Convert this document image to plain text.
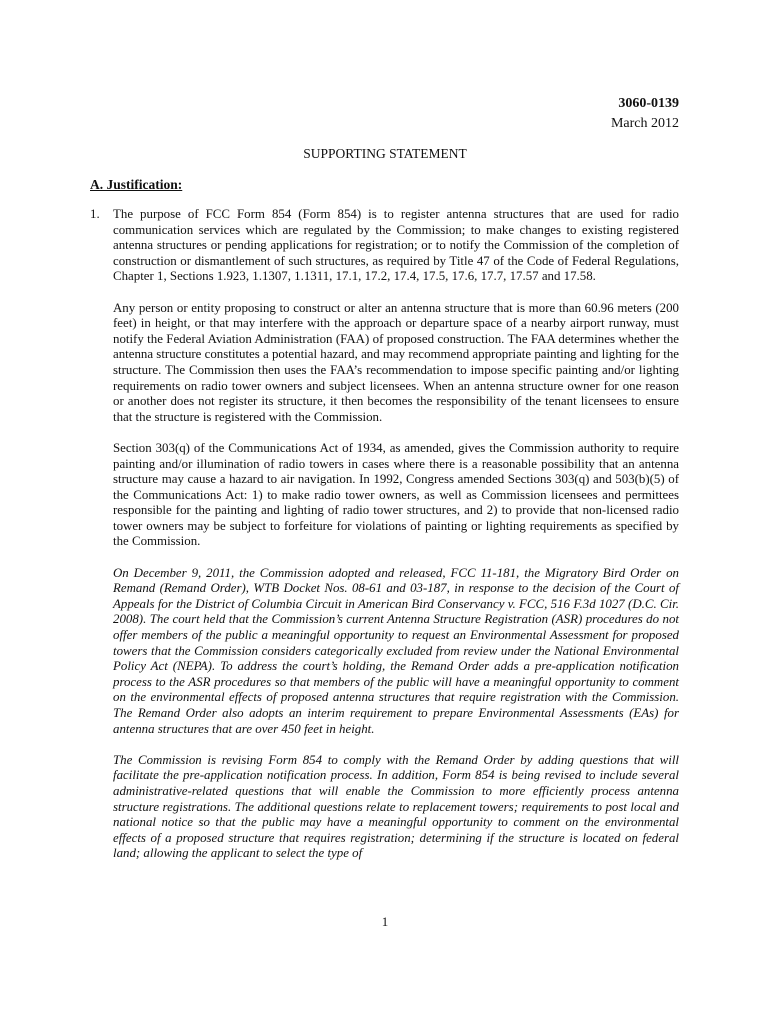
3060-0139
March 2012
SUPPORTING STATEMENT
A. Justification:
1.	The purpose of FCC Form 854 (Form 854) is to register antenna structures that are used for radio communication services which are regulated by the Commission; to make changes to existing registered antenna structures or pending applications for registration; or to notify the Commission of the completion of construction or dismantlement of such structures, as required by Title 47 of the Code of Federal Regulations, Chapter 1, Sections 1.923, 1.1307, 1.1311, 17.1, 17.2, 17.4, 17.5, 17.6, 17.7, 17.57 and 17.58.

Any person or entity proposing to construct or alter an antenna structure that is more than 60.96 meters (200 feet) in height, or that may interfere with the approach or departure space of a nearby airport runway, must notify the Federal Aviation Administration (FAA) of proposed construction. The FAA determines whether the antenna structure constitutes a potential hazard, and may recommend appropriate painting and lighting for the structure. The Commission then uses the FAA’s recommendation to impose specific painting and/or lighting requirements on radio tower owners and subject licensees. When an antenna structure owner for one reason or another does not register its structure, it then becomes the responsibility of the tenant licensees to ensure that the structure is registered with the Commission.

Section 303(q) of the Communications Act of 1934, as amended, gives the Commission authority to require painting and/or illumination of radio towers in cases where there is a reasonable possibility that an antenna structure may cause a hazard to air navigation. In 1992, Congress amended Sections 303(q) and 503(b)(5) of the Communications Act: 1) to make radio tower owners, as well as Commission licensees and permittees responsible for the painting and lighting of radio tower structures, and 2) to provide that non-licensed radio tower owners may be subject to forfeiture for violations of painting or lighting requirements as specified by the Commission.

On December 9, 2011, the Commission adopted and released, FCC 11-181, the Migratory Bird Order on Remand (Remand Order), WTB Docket Nos. 08-61 and 03-187, in response to the decision of the Court of Appeals for the District of Columbia Circuit in American Bird Conservancy v. FCC, 516 F.3d 1027 (D.C. Cir. 2008). The court held that the Commission’s current Antenna Structure Registration (ASR) procedures do not offer members of the public a meaningful opportunity to request an Environmental Assessment for proposed towers that the Commission considers categorically excluded from review under the National Environmental Policy Act (NEPA). To address the court’s holding, the Remand Order adds a pre-application notification process to the ASR procedures so that members of the public will have a meaningful opportunity to comment on the environmental effects of proposed antenna structures that require registration with the Commission. The Remand Order also adopts an interim requirement to prepare Environmental Assessments (EAs) for antenna structures that are over 450 feet in height.

The Commission is revising Form 854 to comply with the Remand Order by adding questions that will facilitate the pre-application notification process. In addition, Form 854 is being revised to include several administrative-related questions that will enable the Commission to more efficiently process antenna structure registrations. The additional questions relate to replacement towers; requirements to post local and national notice so that the public may have a meaningful opportunity to comment on the environmental effects of a proposed structure that requires registration; determining if the structure is located on federal land; allowing the applicant to select the type of

1
